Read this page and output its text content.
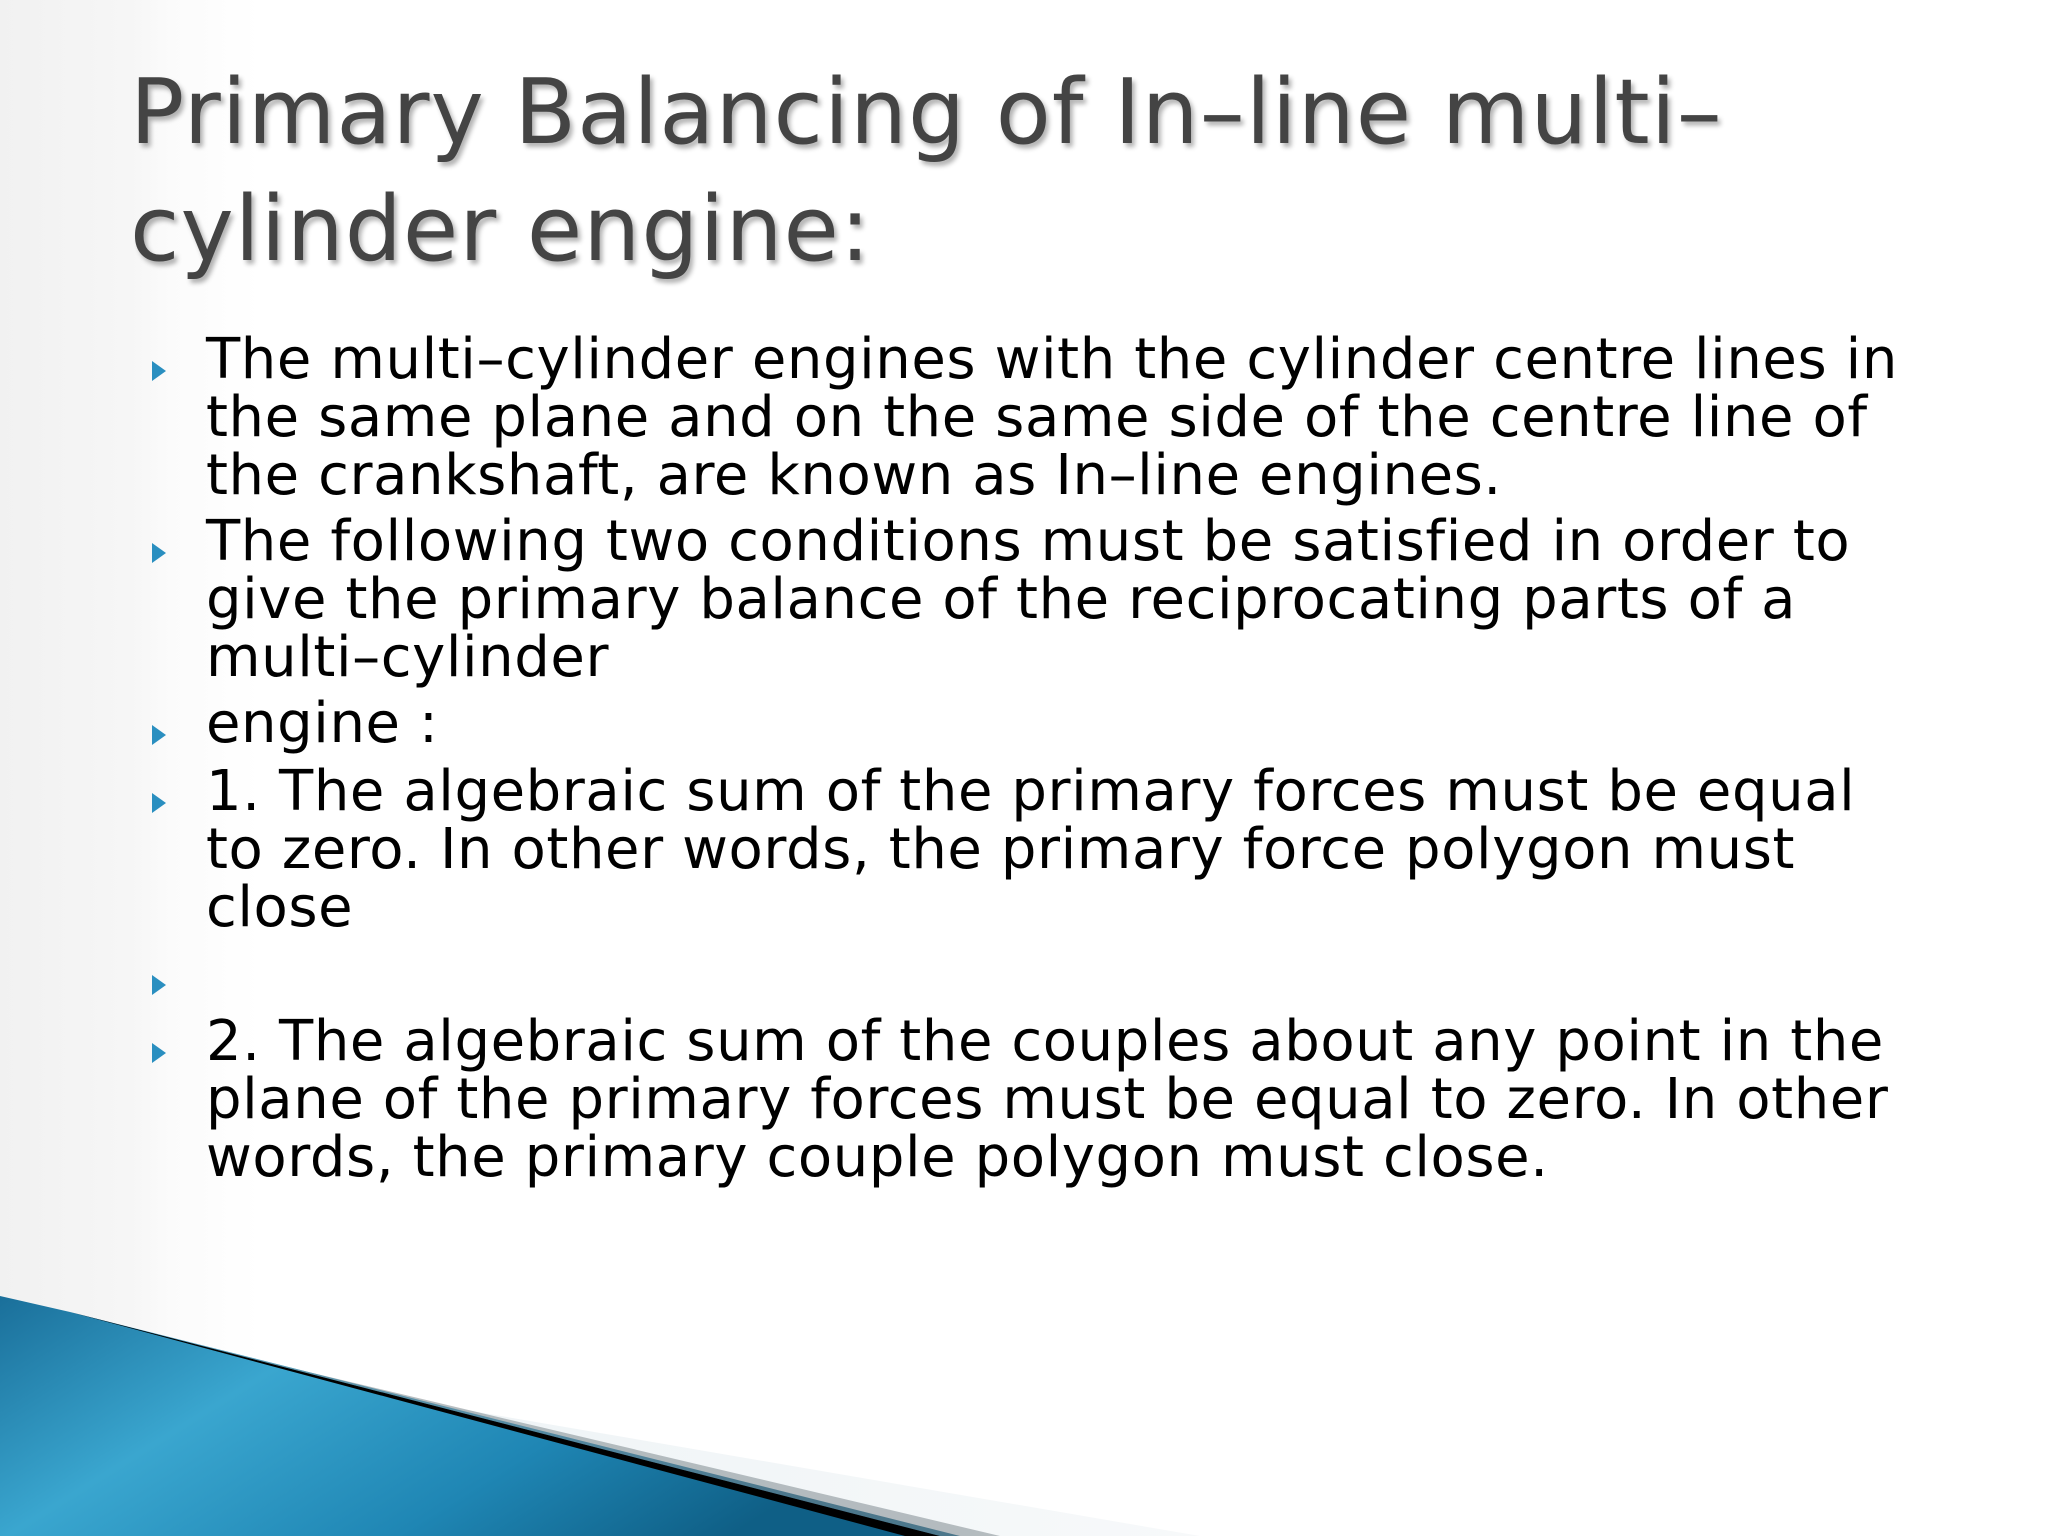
Primary Balancing of In–line multi–
cylinder engine:
The multi–cylinder engines with the cylinder centre lines in
the same plane and on the same side of the centre line of
the crankshaft, are known as In–line engines.
The following two conditions must be satisfied in order to
give the primary balance of the reciprocating parts of a
multi–cylinder
engine :
1. The algebraic sum of the primary forces must be equal
to zero. In other words, the primary force polygon must
close
2. The algebraic sum of the couples about any point in the
plane of the primary forces must be equal to zero. In other
words, the primary couple polygon must close.
